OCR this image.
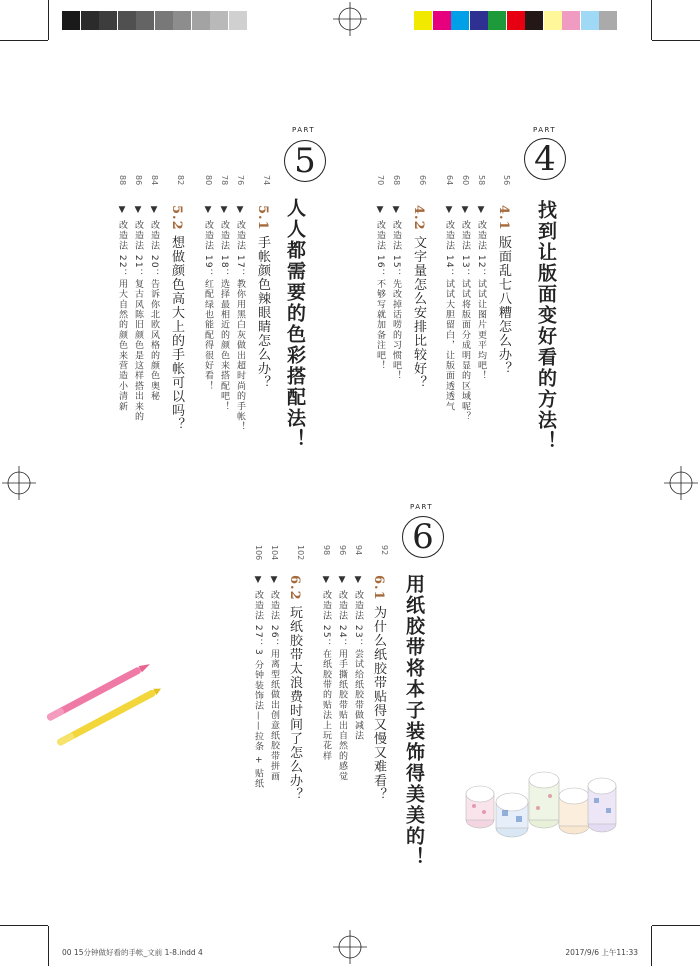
PART
4
找到让版面变好看的方法！
56
4.1 版面乱七八糟怎么办？
58
▼ 改造法 12：试试让图片更平均吧！
60
▼ 改造法 13：试试将版面分成明显的区域呢？
64
▼ 改造法 14：试试大胆留白，让版面透透气
66
4.2 文字量怎么安排比较好？
68
▼ 改造法 15：先改掉话唠的习惯吧！
70
▼ 改造法 16：不够写就加备注吧！
PART
5
人人都需要的色彩搭配法！
74
5.1 手帐颜色辣眼睛怎么办？
76
▼ 改造法 17：教你用黑白灰做出超时尚的手帐！
78
▼ 改造法 18：选择最相近的颜色来搭配吧！
80
▼ 改造法 19：红配绿也能配得很好看！
82
5.2 想做颜色高大上的手帐可以吗？
84
▼ 改造法 20：告诉你北欧风格的颜色奥秘
86
▼ 改造法 21：复古风陈旧颜色是这样搭出来的
88
▼ 改造法 22：用大自然的颜色来营造小清新
PART
6
用纸胶带将本子装饰得美美的！
92
6.1 为什么纸胶带贴得又慢又难看？
94
▼ 改造法 23：尝试给纸胶带做减法
96
▼ 改造法 24：用手撕纸胶带贴出自然的感觉
98
▼ 改造法 25：在纸胶带的贴法上玩花样
102
6.2 玩纸胶带太浪费时间了怎么办？
104
▼ 改造法 26：用离型纸做出创意纸胶带拼画
106
▼ 改造法 27：3 分钟装饰法——拉条 + 贴纸
00 15分钟做好看的手帐_文前 1-8.indd 4	2017/9/6 上午11:33
